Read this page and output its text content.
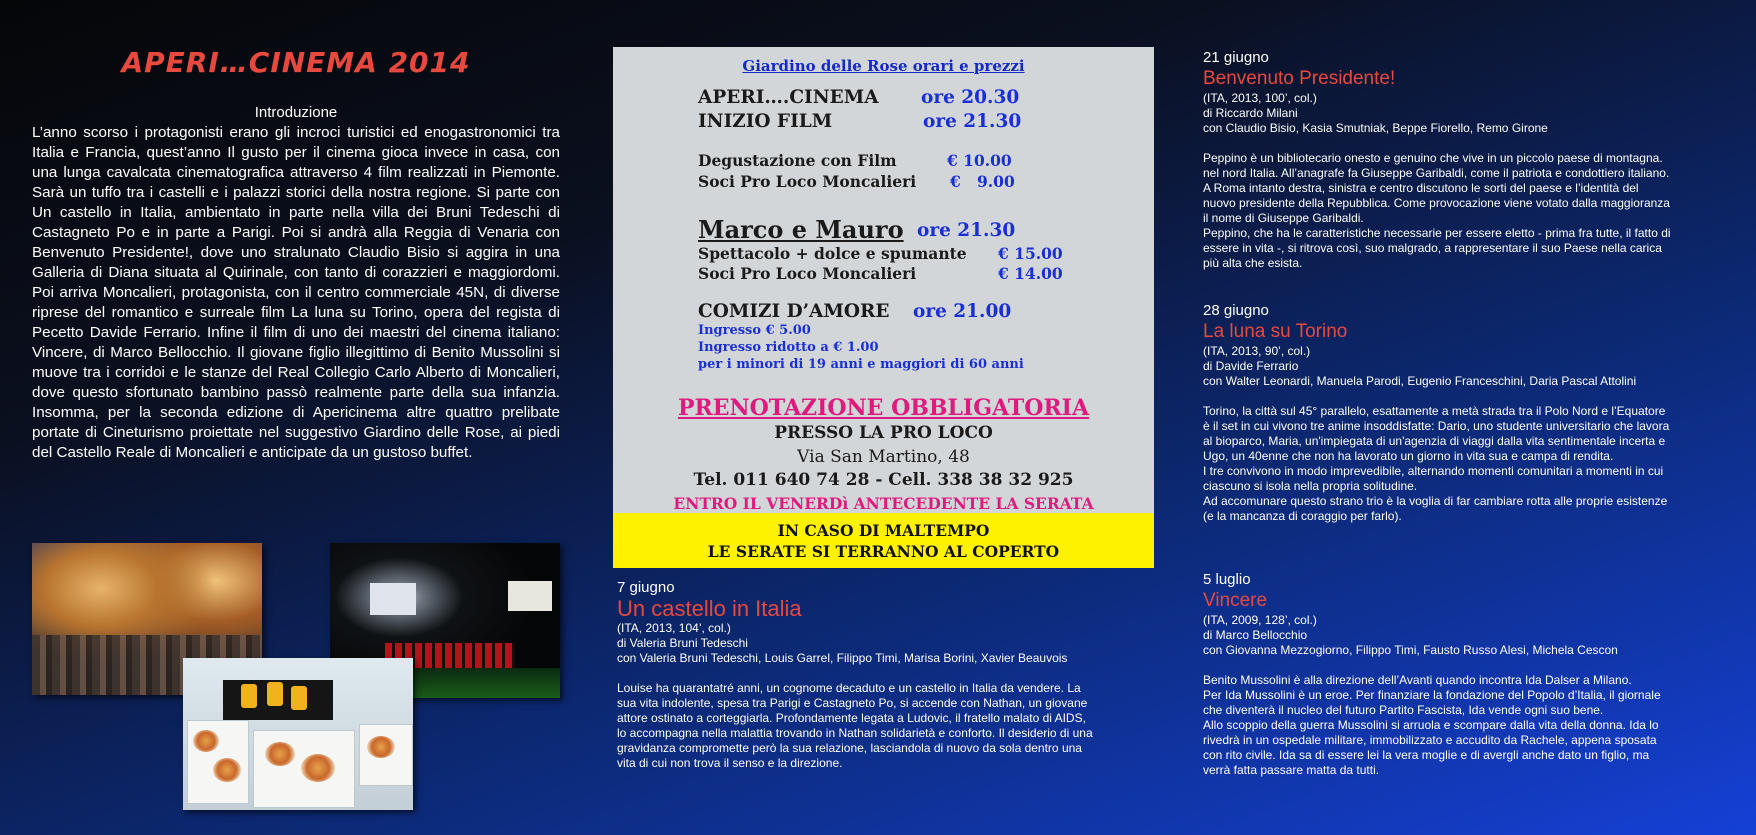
APERI…CINEMA 2014
Introduzione

L’anno scorso i protagonisti erano gli incroci turistici ed enogastronomici tra Italia e Francia, quest’anno Il gusto per il cinema gioca invece in casa, con una lunga cavalcata cinematografica attraverso 4 film realizzati in Piemonte. Sarà un tuffo tra i castelli e i palazzi storici della nostra regione. Si parte con Un castello in Italia, ambientato in parte nella villa dei Bruni Tedeschi di Castagneto Po e in parte a Parigi. Poi si andrà alla Reggia di Venaria con Benvenuto Presidente!, dove uno stralunato Claudio Bisio si aggira in una Galleria di Diana situata al Quirinale, con tanto di corazzieri e maggiordomi. Poi arriva Moncalieri, protagonista, con il centro commerciale 45N, di diverse riprese del romantico e surreale film La luna su Torino, opera del regista di Pecetto Davide Ferrario. Infine il film di uno dei maestri del cinema italiano: Vincere, di Marco Bellocchio. Il giovane figlio illegittimo di Benito Mussolini si muove tra i corridoi e le stanze del Real Collegio Carlo Alberto di Moncalieri, dove questo sfortunato bambino passò realmente parte della sua infanzia. Insomma, per la seconda edizione di Apericinema altre quattro prelibate portate di Cineturismo proiettate nel suggestivo Giardino delle Rose, ai piedi del Castello Reale di Moncalieri e anticipate da un gustoso buffet.

Giardino delle Rose orari e prezzi
APERI….CINEMA ore 20.30
INIZIO FILM	ore 21.30
Degustazione con Film	€ 10.00
Soci Pro Loco Moncalieri €   9.00
Marco e Mauro ore 21.30
Spettacolo + dolce e spumante € 15.00
Soci Pro Loco Moncalieri	€ 14.00
COMIZI D’AMORE ore 21.00
Ingresso € 5.00
Ingresso ridotto a € 1.00
per i minori di 19 anni e maggiori di 60 anni
PRENOTAZIONE OBBLIGATORIA
PRESSO LA PRO LOCO
Via San Martino, 48
Tel. 011 640 74 28 - Cell. 338 38 32 925
ENTRO IL VENERDì ANTECEDENTE LA SERATA
IN CASO DI MALTEMPO
LE SERATE SI TERRANNO AL COPERTO
7 giugno
Un castello in Italia
(ITA, 2013, 104’, col.)
di Valeria Bruni Tedeschi
con Valeria Bruni Tedeschi, Louis Garrel, Filippo Timi, Marisa Borini, Xavier Beauvois
Louise ha quarantatré anni, un cognome decaduto e un castello in Italia da vendere. La
sua vita indolente, spesa tra Parigi e Castagneto Po, si accende con Nathan, un giovane
attore ostinato a corteggiarla. Profondamente legata a Ludovic, il fratello malato di AIDS,
lo accompagna nella malattia trovando in Nathan solidarietà e conforto. Il desiderio di una
gravidanza compromette però la sua relazione, lasciandola di nuovo da sola dentro una
vita di cui non trova il senso e la direzione.
21 giugno
Benvenuto Presidente!
(ITA, 2013, 100’, col.)
di Riccardo Milani
con Claudio Bisio, Kasia Smutniak, Beppe Fiorello, Remo Girone
Peppino è un bibliotecario onesto e genuino che vive in un piccolo paese di montagna.
nel nord Italia. All’anagrafe fa Giuseppe Garibaldi, come il patriota e condottiero italiano.
A Roma intanto destra, sinistra e centro discutono le sorti del paese e l’identità del
nuovo presidente della Repubblica. Come provocazione viene votato dalla maggioranza
il nome di Giuseppe Garibaldi.
Peppino, che ha le caratteristiche necessarie per essere eletto - prima fra tutte, il fatto di
essere in vita -, si ritrova così, suo malgrado, a rappresentare il suo Paese nella carica
più alta che esista.
28 giugno
La luna su Torino
(ITA, 2013, 90’, col.)
di Davide Ferrario
con Walter Leonardi, Manuela Parodi, Eugenio Franceschini, Daria Pascal Attolini
Torino, la città sul 45° parallelo, esattamente a metà strada tra il Polo Nord e l’Equatore
è il set in cui vivono tre anime insoddisfatte: Dario, uno studente universitario che lavora
al bioparco, Maria, un'impiegata di un'agenzia di viaggi dalla vita sentimentale incerta e
Ugo, un 40enne che non ha lavorato un giorno in vita sua e campa di rendita.
I tre convivono in modo imprevedibile, alternando momenti comunitari a momenti in cui
ciascuno si isola nella propria solitudine.
Ad accomunare questo strano trio è la voglia di far cambiare rotta alle proprie esistenze
(e la mancanza di coraggio per farlo).
5 luglio
Vincere
(ITA, 2009, 128’, col.)
di Marco Bellocchio
con Giovanna Mezzogiorno, Filippo Timi, Fausto Russo Alesi, Michela Cescon
Benito Mussolini è alla direzione dell’Avanti quando incontra Ida Dalser a Milano.
Per Ida Mussolini è un eroe. Per finanziare la fondazione del Popolo d’Italia, il giornale
che diventerà il nucleo del futuro Partito Fascista, Ida vende ogni suo bene.
Allo scoppio della guerra Mussolini si arruola e scompare dalla vita della donna. Ida lo
rivedrà in un ospedale militare, immobilizzato e accudito da Rachele, appena sposata
con rito civile. Ida sa di essere lei la vera moglie e di avergli anche dato un figlio, ma
verrà fatta passare matta da tutti.
